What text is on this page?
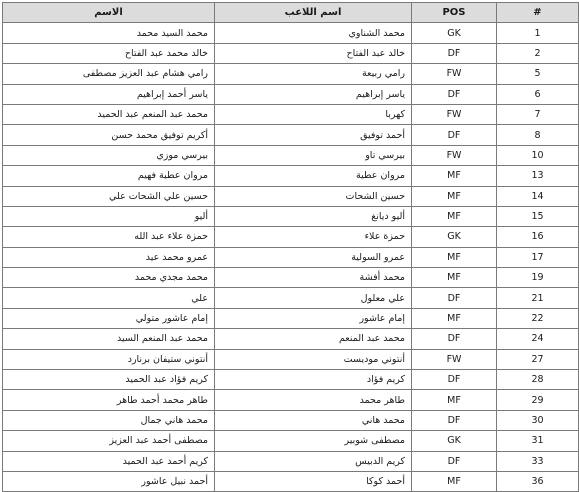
الاسم	اسم اللاعب	POS	#
محمد السيد محمد	محمد الشناوي	GK	1
خالد محمد عبد الفتاح	خالد عبد الفتاح	DF	2
رامي هشام عبد العزيز مصطفى	رامي ربيعة	FW	5
ياسر أحمد إبراهيم	ياسر إبراهيم	DF	6
محمد عبد المنعم عبد الحميد	كهربا	FW	7
أكريم توفيق محمد حسن	أحمد توفيق	DF	8
بيرسي موزي	بيرسي تاو	FW	10
مروان عطية فهيم	مروان عطية	MF	13
حسين علي الشحات علي	حسين الشحات	MF	14
أليو	أليو ديانغ	MF	15
حمزة علاء عبد الله	حمزة علاء	GK	16
عمرو محمد عيد	عمرو السولية	MF	17
محمد مجدي محمد	محمد أفشة	MF	19
علي	علي معلول	DF	21
إمام عاشور متولي	إمام عاشور	MF	22
محمد عبد المنعم السيد	محمد عبد المنعم	DF	24
أنتوني ستيفان برنارد	أنتوني موديست	FW	27
كريم فؤاد عبد الحميد	كريم فؤاد	DF	28
طاهر محمد أحمد طاهر	طاهر محمد	MF	29
محمد هاني جمال	محمد هاني	DF	30
مصطفى أحمد عبد العزيز	مصطفى شوبير	GK	31
كريم أحمد عبد الحميد	كريم الدبيس	DF	33
أحمد نبيل عاشور	أحمد كوكا	MF	36
